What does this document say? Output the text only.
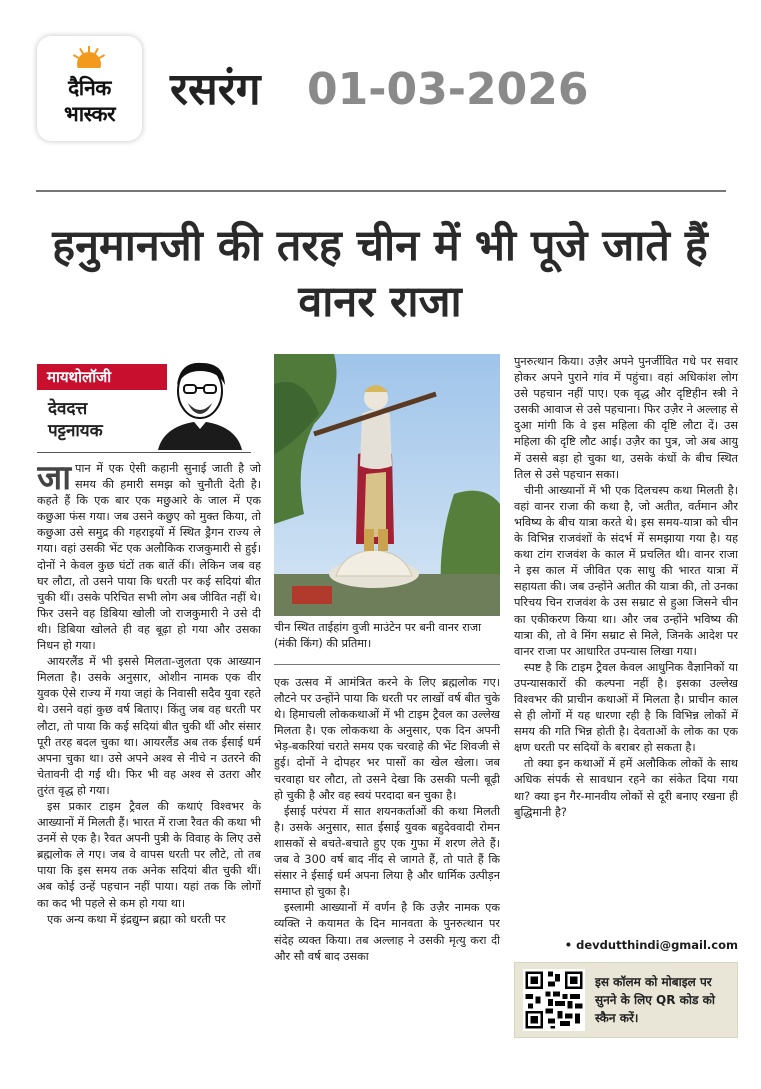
दैनिक
भास्कर	रसरंग 01-03-2026
हनुमानजी की तरह चीन में भी पूजे जाते हैं वानर राजा
मायथोलॉजी
देवदत्त
पट्टनायक

जापान में एक ऐसी कहानी सुनाई जाती है जो समय की हमारी समझ को चुनौती देती है। कहते हैं कि एक बार एक मछुआरे के जाल में एक कछुआ फंस गया। जब उसने कछुए को मुक्त किया, तो कछुआ उसे समुद्र की गहराइयों में स्थित ड्रैगन राज्य ले गया। वहां उसकी भेंट एक अलौकिक राजकुमारी से हुई। दोनों ने केवल कुछ घंटों तक बातें कीं। लेकिन जब वह घर लौटा, तो उसने पाया कि धरती पर कई सदियां बीत चुकी थीं। उसके परिचित सभी लोग अब जीवित नहीं थे। फिर उसने वह डिबिया खोली जो राजकुमारी ने उसे दी थी। डिबिया खोलते ही वह बूढ़ा हो गया और उसका निधन हो गया।

आयरलैंड में भी इससे मिलता-जुलता एक आख्यान मिलता है। उसके अनुसार, ओशीन नामक एक वीर युवक ऐसे राज्य में गया जहां के निवासी सदैव युवा रहते थे। उसने वहां कुछ वर्ष बिताए। किंतु जब वह धरती पर लौटा, तो पाया कि कई सदियां बीत चुकी थीं और संसार पूरी तरह बदल चुका था। आयरलैंड अब तक ईसाई धर्म अपना चुका था। उसे अपने अश्व से नीचे न उतरने की चेतावनी दी गई थी। फिर भी वह अश्व से उतरा और तुरंत वृद्ध हो गया।

इस प्रकार टाइम ट्रैवल की कथाएं विश्वभर के आख्यानों में मिलती हैं। भारत में राजा रैवत की कथा भी उनमें से एक है। रैवत अपनी पुत्री के विवाह के लिए उसे ब्रह्मलोक ले गए। जब वे वापस धरती पर लौटे, तो तब पाया कि इस समय तक अनेक सदियां बीत चुकी थीं। अब कोई उन्हें पहचान नहीं पाया। यहां तक कि लोगों का कद भी पहले से कम हो गया था।

एक अन्य कथा में इंद्रद्युम्न ब्रह्मा को धरती पर

चीन स्थित ताईहांग वुजी माउंटेन पर बनी वानर राजा (मंकी किंग) की प्रतिमा।

एक उत्सव में आमंत्रित करने के लिए ब्रह्मलोक गए। लौटने पर उन्होंने पाया कि धरती पर लाखों वर्ष बीत चुके थे। हिमाचली लोककथाओं में भी टाइम ट्रैवल का उल्लेख मिलता है। एक लोककथा के अनुसार, एक दिन अपनी भेड़-बकरियां चराते समय एक चरवाहे की भेंट शिवजी से हुई। दोनों ने दोपहर भर पासों का खेल खेला। जब चरवाहा घर लौटा, तो उसने देखा कि उसकी पत्नी बूढ़ी हो चुकी है और वह स्वयं परदादा बन चुका है।

ईसाई परंपरा में सात शयनकर्ताओं की कथा मिलती है। उसके अनुसार, सात ईसाई युवक बहुदेववादी रोमन शासकों से बचते-बचाते हुए एक गुफा में शरण लेते हैं। जब वे 300 वर्ष बाद नींद से जागते हैं, तो पाते हैं कि संसार ने ईसाई धर्म अपना लिया है और धार्मिक उत्पीड़न समाप्त हो चुका है।

इस्लामी आख्यानों में वर्णन है कि उज़ैर नामक एक व्यक्ति ने कयामत के दिन मानवता के पुनरुत्थान पर संदेह व्यक्त किया। तब अल्लाह ने उसकी मृत्यु करा दी और सौ वर्ष बाद उसका

पुनरुत्थान किया। उज़ैर अपने पुनर्जीवित गधे पर सवार होकर अपने पुराने गांव में पहुंचा। वहां अधिकांश लोग उसे पहचान नहीं पाए। एक वृद्ध और दृष्टिहीन स्त्री ने उसकी आवाज से उसे पहचाना। फिर उज़ैर ने अल्लाह से दुआ मांगी कि वे इस महिला की दृष्टि लौटा दें। उस महिला की दृष्टि लौट आई। उज़ैर का पुत्र, जो अब आयु में उससे बड़ा हो चुका था, उसके कंधों के बीच स्थित तिल से उसे पहचान सका।

चीनी आख्यानों में भी एक दिलचस्प कथा मिलती है। वहां वानर राजा की कथा है, जो अतीत, वर्तमान और भविष्य के बीच यात्रा करते थे। इस समय-यात्रा को चीन के विभिन्न राजवंशों के संदर्भ में समझाया गया है। यह कथा टांग राजवंश के काल में प्रचलित थी। वानर राजा ने इस काल में जीवित एक साधु की भारत यात्रा में सहायता की। जब उन्होंने अतीत की यात्रा की, तो उनका परिचय चिन राजवंश के उस सम्राट से हुआ जिसने चीन का एकीकरण किया था। और जब उन्होंने भविष्य की यात्रा की, तो वे मिंग सम्राट से मिले, जिनके आदेश पर वानर राजा पर आधारित उपन्यास लिखा गया।

स्पष्ट है कि टाइम ट्रैवल केवल आधुनिक वैज्ञानिकों या उपन्यासकारों की कल्पना नहीं है। इसका उल्लेख विश्वभर की प्राचीन कथाओं में मिलता है। प्राचीन काल से ही लोगों में यह धारणा रही है कि विभिन्न लोकों में समय की गति भिन्न होती है। देवताओं के लोक का एक क्षण धरती पर सदियों के बराबर हो सकता है।

तो क्या इन कथाओं में हमें अलौकिक लोकों के साथ अधिक संपर्क से सावधान रहने का संकेत दिया गया था? क्या इन गैर-मानवीय लोकों से दूरी बनाए रखना ही बुद्धिमानी है?

• devdutthindi@gmail.com
इस कॉलम को मोबाइल पर
सुनने के लिए QR कोड को
स्कैन करें।
